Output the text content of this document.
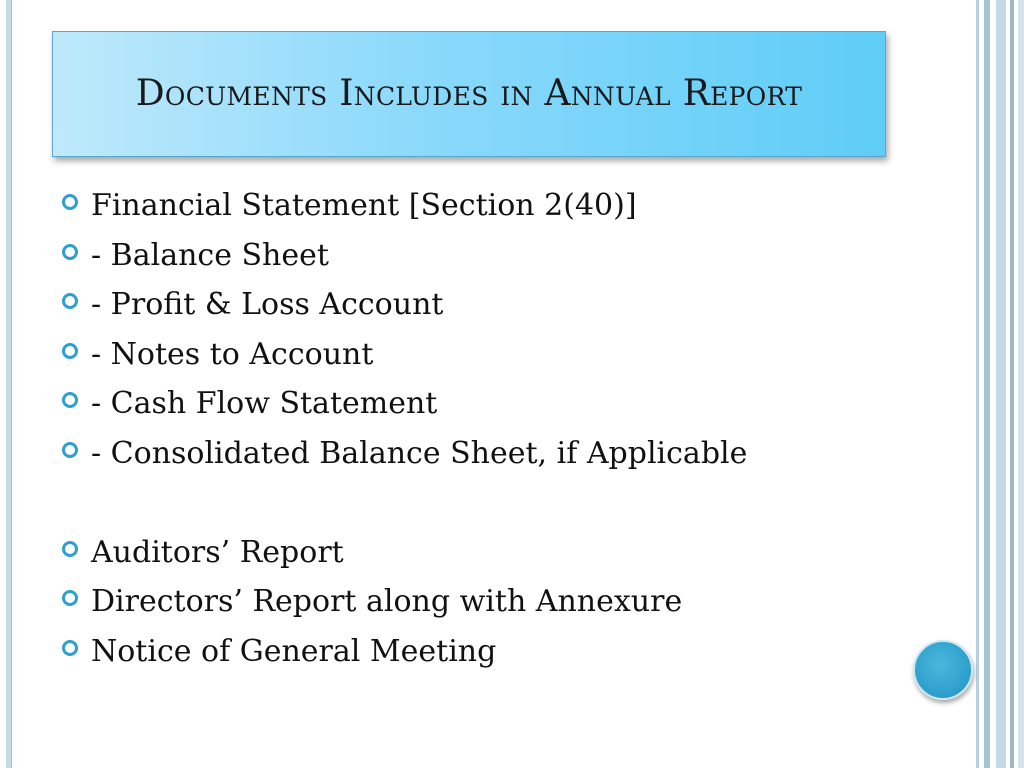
Documents Includes in Annual Report
Financial Statement [Section 2(40)]
- Balance Sheet
- Profit & Loss Account
- Notes to Account
- Cash Flow Statement
- Consolidated Balance Sheet, if Applicable
Auditors’ Report
Directors’ Report along with Annexure
Notice of General Meeting
